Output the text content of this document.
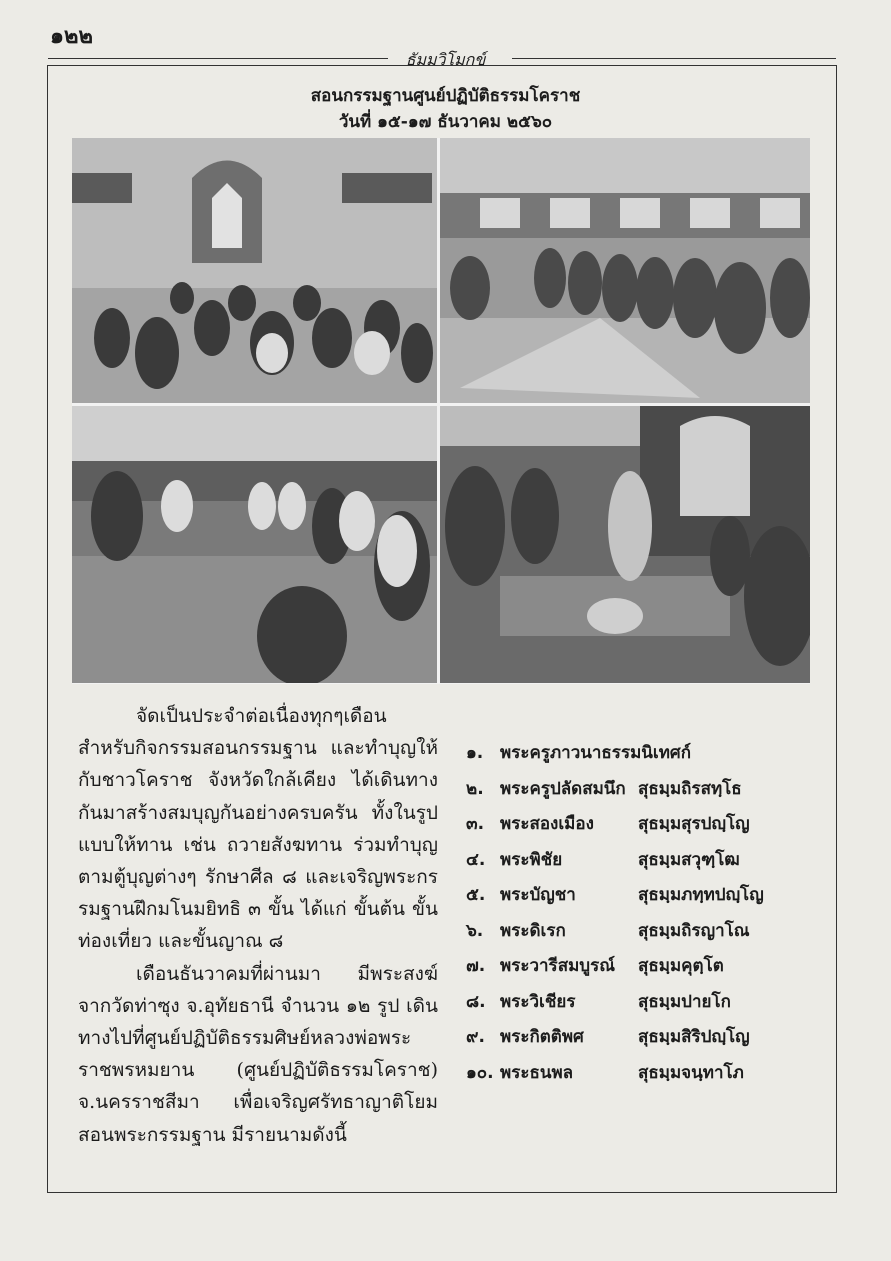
๑๒๒
ธัมมวิโมกข์
สอนกรรมฐานศูนย์ปฏิบัติธรรมโคราช
วันที่ ๑๕-๑๗ ธันวาคม ๒๕๖๐

จัดเป็นประจำต่อเนื่องทุกๆเดือน สำหรับกิจกรรมสอนกรรมฐาน และทำบุญให้กับชาวโคราช จังหวัดใกล้เคียง ได้เดินทางกันมาสร้างสมบุญกันอย่างครบครัน ทั้งในรูปแบบให้ทาน เช่น ถวายสังฆทาน ร่วมทำบุญตามตู้บุญต่างๆ รักษาศีล ๘ และเจริญพระกรรมฐานฝึกมโนมยิทธิ ๓ ขั้น ได้แก่ ขั้นต้น ขั้นท่องเที่ยว และขั้นญาณ ๘

เดือนธันวาคมที่ผ่านมา มีพระสงฆ์จากวัดท่าซุง จ.อุทัยธานี จำนวน ๑๒ รูป เดินทางไปที่ศูนย์ปฏิบัติธรรมศิษย์หลวงพ่อพระราชพรหมยาน (ศูนย์ปฏิบัติธรรมโคราช) จ.นครราชสีมา เพื่อเจริญศรัทธาญาติโยม สอนพระกรรมฐาน มีรายนามดังนี้

๑. พระครูภาวนาธรรมนิเทศก์
๒. พระครูปลัดสมนึก สุธมฺมถิรสทฺโธ
๓. พระสองเมือง	สุธมฺมสุรปญฺโญ
๔. พระพิชัย	สุธมฺมสวุฑฺโฒ
๕. พระบัญชา	สุธมฺมภทฺทปญฺโญ
๖. พระดิเรก	สุธมฺมถิรญาโณ
๗. พระวารีสมบูรณ์ สุธมฺมคุตฺโต
๘. พระวิเชียร	สุธมฺมปายโก
๙. พระกิตติพศ	สุธมฺมสิริปญฺโญ
๑๐. พระธนพล	สุธมฺมจนฺทาโภ
